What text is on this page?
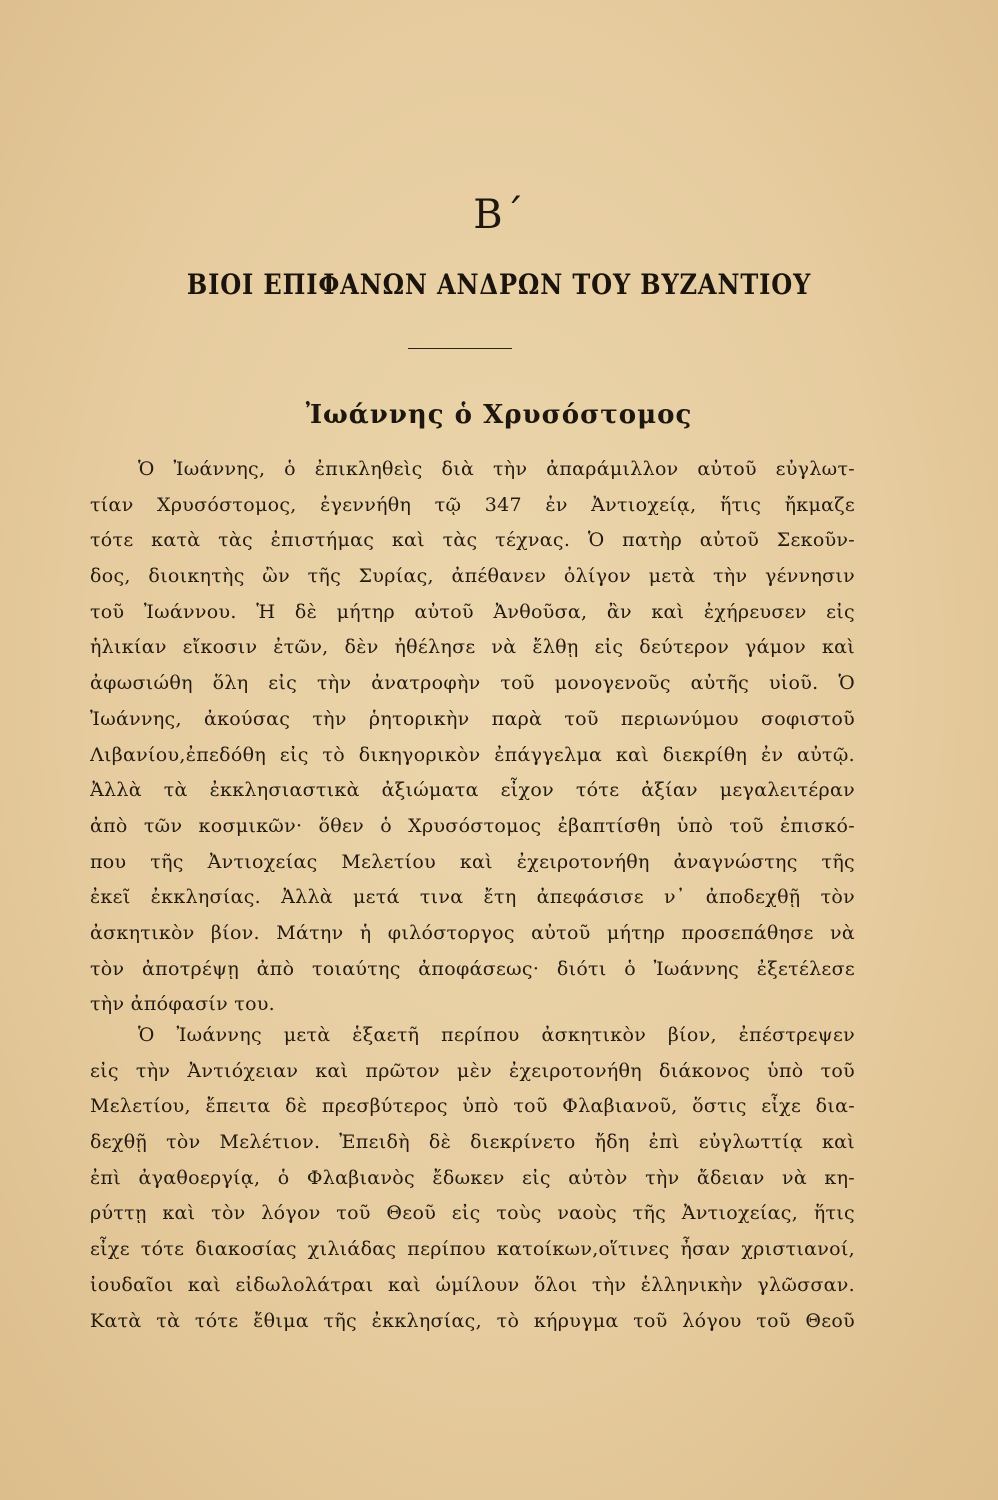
Β΄
ΒΙΟΙ ΕΠΙΦΑΝΩΝ ΑΝΔΡΩΝ ΤΟΥ ΒΥΖΑΝΤΙΟΥ
Ἰωάννης ὁ Χρυσόστομος
Ὁ Ἰωάννης, ὁ ἐπικληθεὶς διὰ τὴν ἀπαράμιλλον αὐτοῦ εὐγλωτ-
τίαν Χρυσόστομος, ἐγεννήθη τῷ 347 ἐν Ἀντιοχείᾳ, ἥτις ἤκμαζε
τότε κατὰ τὰς ἐπιστήμας καὶ τὰς τέχνας. Ὁ πατὴρ αὐτοῦ Σεκοῦν-
δος, διοικητὴς ὢν τῆς Συρίας, ἀπέθανεν ὀλίγον μετὰ τὴν γέννησιν
τοῦ Ἰωάννου. Ἡ δὲ μήτηρ αὐτοῦ Ἀνθοῦσα, ἂν καὶ ἐχήρευσεν εἰς
ἡλικίαν εἴκοσιν ἐτῶν, δὲν ἠθέλησε νὰ ἔλθῃ εἰς δεύτερον γάμον καὶ
ἀφωσιώθη ὅλη εἰς τὴν ἀνατροφὴν τοῦ μονογενοῦς αὐτῆς υἱοῦ. Ὁ
Ἰωάννης, ἀκούσας τὴν ῥητορικὴν παρὰ τοῦ περιωνύμου σοφιστοῦ
Λιβανίου,ἐπεδόθη εἰς τὸ δικηγορικὸν ἐπάγγελμα καὶ διεκρίθη ἐν αὐτῷ.
Ἀλλὰ τὰ ἐκκλησιαστικὰ ἀξιώματα εἶχον τότε ἀξίαν μεγαλειτέραν
ἀπὸ τῶν κοσμικῶν· ὅθεν ὁ Χρυσόστομος ἐβαπτίσθη ὑπὸ τοῦ ἐπισκό-
που τῆς Ἀντιοχείας Μελετίου καὶ ἐχειροτονήθη ἀναγνώστης τῆς
ἐκεῖ ἐκκλησίας. Ἀλλὰ μετά τινα ἔτη ἀπεφάσισε ν᾽ ἀποδεχθῇ τὸν
ἀσκητικὸν βίον. Μάτην ἡ φιλόστοργος αὐτοῦ μήτηρ προσεπάθησε νὰ
τὸν ἀποτρέψῃ ἀπὸ τοιαύτης ἀποφάσεως· διότι ὁ Ἰωάννης ἐξετέλεσε
τὴν ἀπόφασίν του.
Ὁ Ἰωάννης μετὰ ἑξαετῆ περίπου ἀσκητικὸν βίον, ἐπέστρεψεν
εἰς τὴν Ἀντιόχειαν καὶ πρῶτον μὲν ἐχειροτονήθη διάκονος ὑπὸ τοῦ
Μελετίου, ἔπειτα δὲ πρεσβύτερος ὑπὸ τοῦ Φλαβιανοῦ, ὅστις εἶχε δια-
δεχθῇ τὸν Μελέτιον. Ἐπειδὴ δὲ διεκρίνετο ἤδη ἐπὶ εὐγλωττίᾳ καὶ
ἐπὶ ἀγαθοεργίᾳ, ὁ Φλαβιανὸς ἔδωκεν εἰς αὐτὸν τὴν ἄδειαν νὰ κη-
ρύττῃ καὶ τὸν λόγον τοῦ Θεοῦ εἰς τοὺς ναοὺς τῆς Ἀντιοχείας, ἥτις
εἶχε τότε διακοσίας χιλιάδας περίπου κατοίκων,οἵτινες ἦσαν χριστιανοί,
ἰουδαῖοι καὶ εἰδωλολάτραι καὶ ὡμίλουν ὅλοι τὴν ἑλληνικὴν γλῶσσαν.
Κατὰ τὰ τότε ἔθιμα τῆς ἐκκλησίας, τὸ κήρυγμα τοῦ λόγου τοῦ Θεοῦ
